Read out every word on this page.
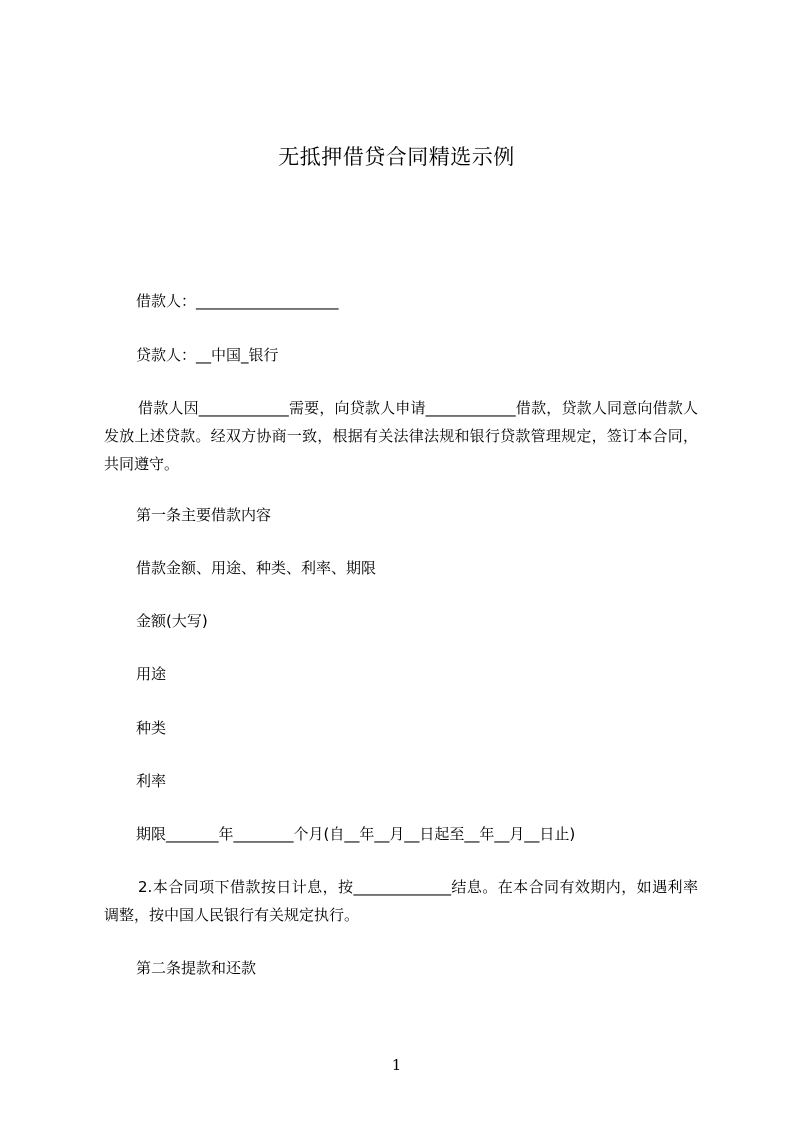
无抵押借贷合同精选示例
借款人：___________________
贷款人：__中国_银行
借款人因____________需要，向贷款人申请____________借款，贷款人同意向借款人发放上述贷款。经双方协商一致，根据有关法律法规和银行贷款管理规定，签订本合同，共同遵守。
第一条主要借款内容
借款金额、用途、种类、利率、期限
金额(大写)
用途
种类
利率
期限_______年________个月(自__年__月__日起至__年__月__日止)
2.本合同项下借款按日计息，按_____________结息。在本合同有效期内，如遇利率调整，按中国人民银行有关规定执行。
第二条提款和还款
1
